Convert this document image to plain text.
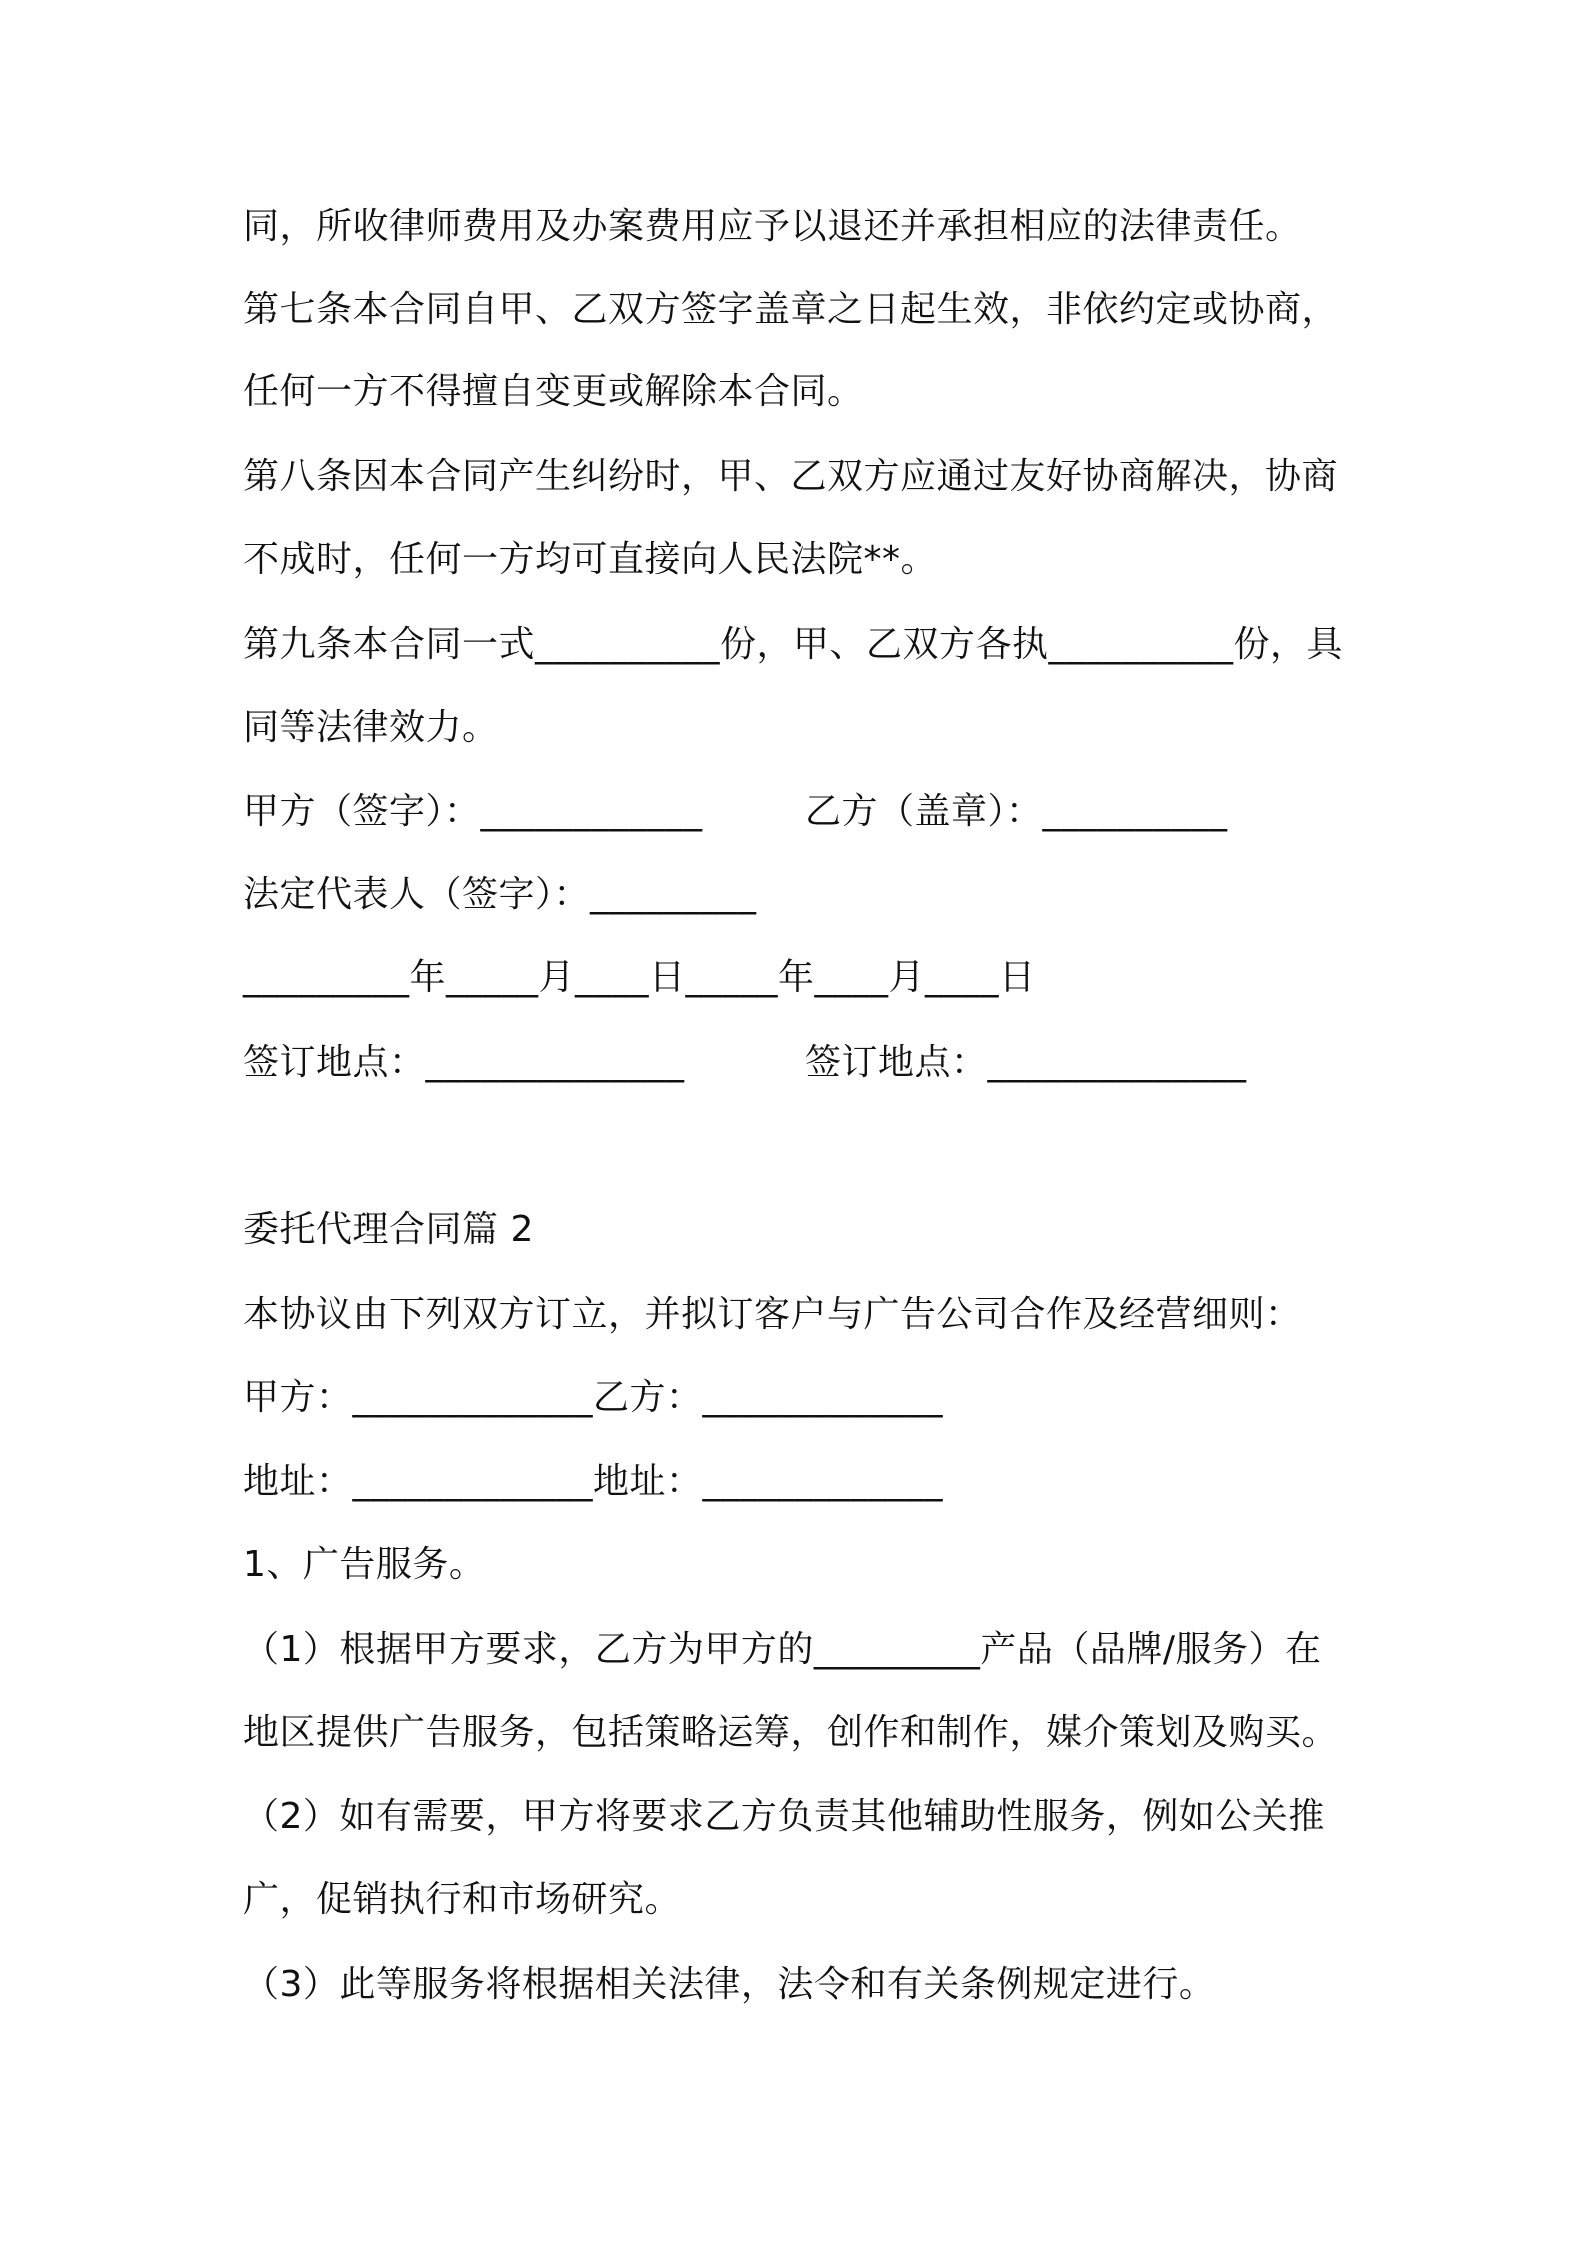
同，所收律师费用及办案费用应予以退还并承担相应的法律责任。
第七条本合同自甲、乙双方签字盖章之日起生效，非依约定或协商，
任何一方不得擅自变更或解除本合同。
第八条因本合同产生纠纷时，甲、乙双方应通过友好协商解决，协商
不成时，任何一方均可直接向人民法院**。
第九条本合同一式__________份，甲、乙双方各执__________份，具
同等法律效力。
甲方（签字）：____________	乙方（盖章）：__________
法定代表人（签字）：_________
_________年_____月____日_____年____月____日
签订地点：______________	签订地点：______________
委托代理合同篇 2
本协议由下列双方订立，并拟订客户与广告公司合作及经营细则：
甲方：_____________乙方：_____________
地址：_____________地址：_____________
1、广告服务。
（1）根据甲方要求，乙方为甲方的_________产品（品牌/服务）在
地区提供广告服务，包括策略运筹，创作和制作，媒介策划及购买。
（2）如有需要，甲方将要求乙方负责其他辅助性服务，例如公关推
广，促销执行和市场研究。
（3）此等服务将根据相关法律，法令和有关条例规定进行。
